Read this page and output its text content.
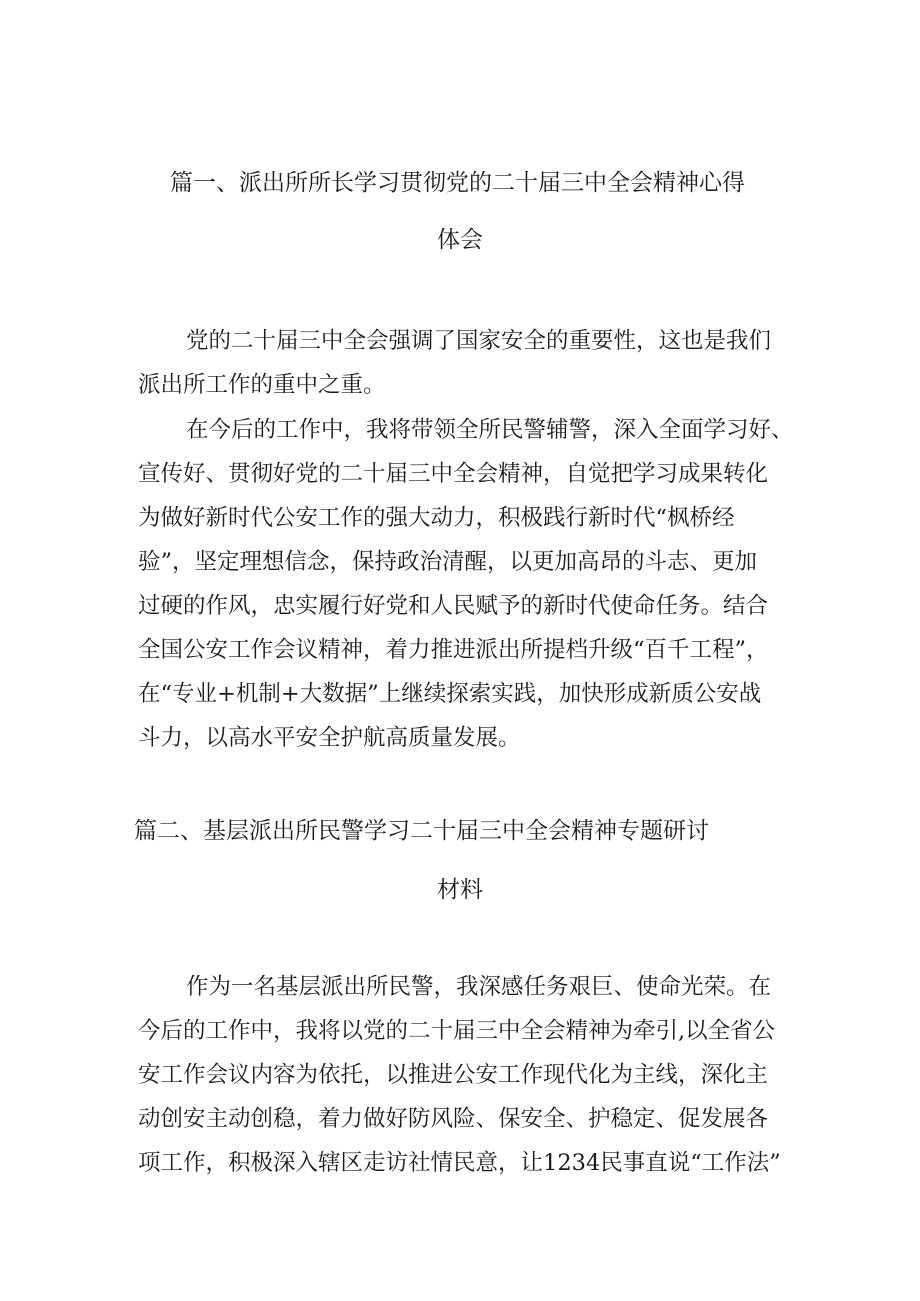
篇一、派出所所长学习贯彻党的二十届三中全会精神心得
体会
党的二十届三中全会强调了国家安全的重要性，这也是我们
派出所工作的重中之重。
在今后的工作中，我将带领全所民警辅警，深入全面学习好、
宣传好、贯彻好党的二十届三中全会精神，自觉把学习成果转化
为做好新时代公安工作的强大动力，积极践行新时代“枫桥经
验”，坚定理想信念，保持政治清醒，以更加高昂的斗志、更加
过硬的作风，忠实履行好党和人民赋予的新时代使命任务。结合
全国公安工作会议精神，着力推进派出所提档升级“百千工程”，
在“专业+机制+大数据”上继续探索实践，加快形成新质公安战
斗力，以高水平安全护航高质量发展。
篇二、基层派出所民警学习二十届三中全会精神专题研讨
材料
作为一名基层派出所民警，我深感任务艰巨、使命光荣。在
今后的工作中，我将以党的二十届三中全会精神为牵引,以全省公
安工作会议内容为依托，以推进公安工作现代化为主线，深化主
动创安主动创稳，着力做好防风险、保安全、护稳定、促发展各
项工作，积极深入辖区走访社情民意，让1234民事直说“工作法”
